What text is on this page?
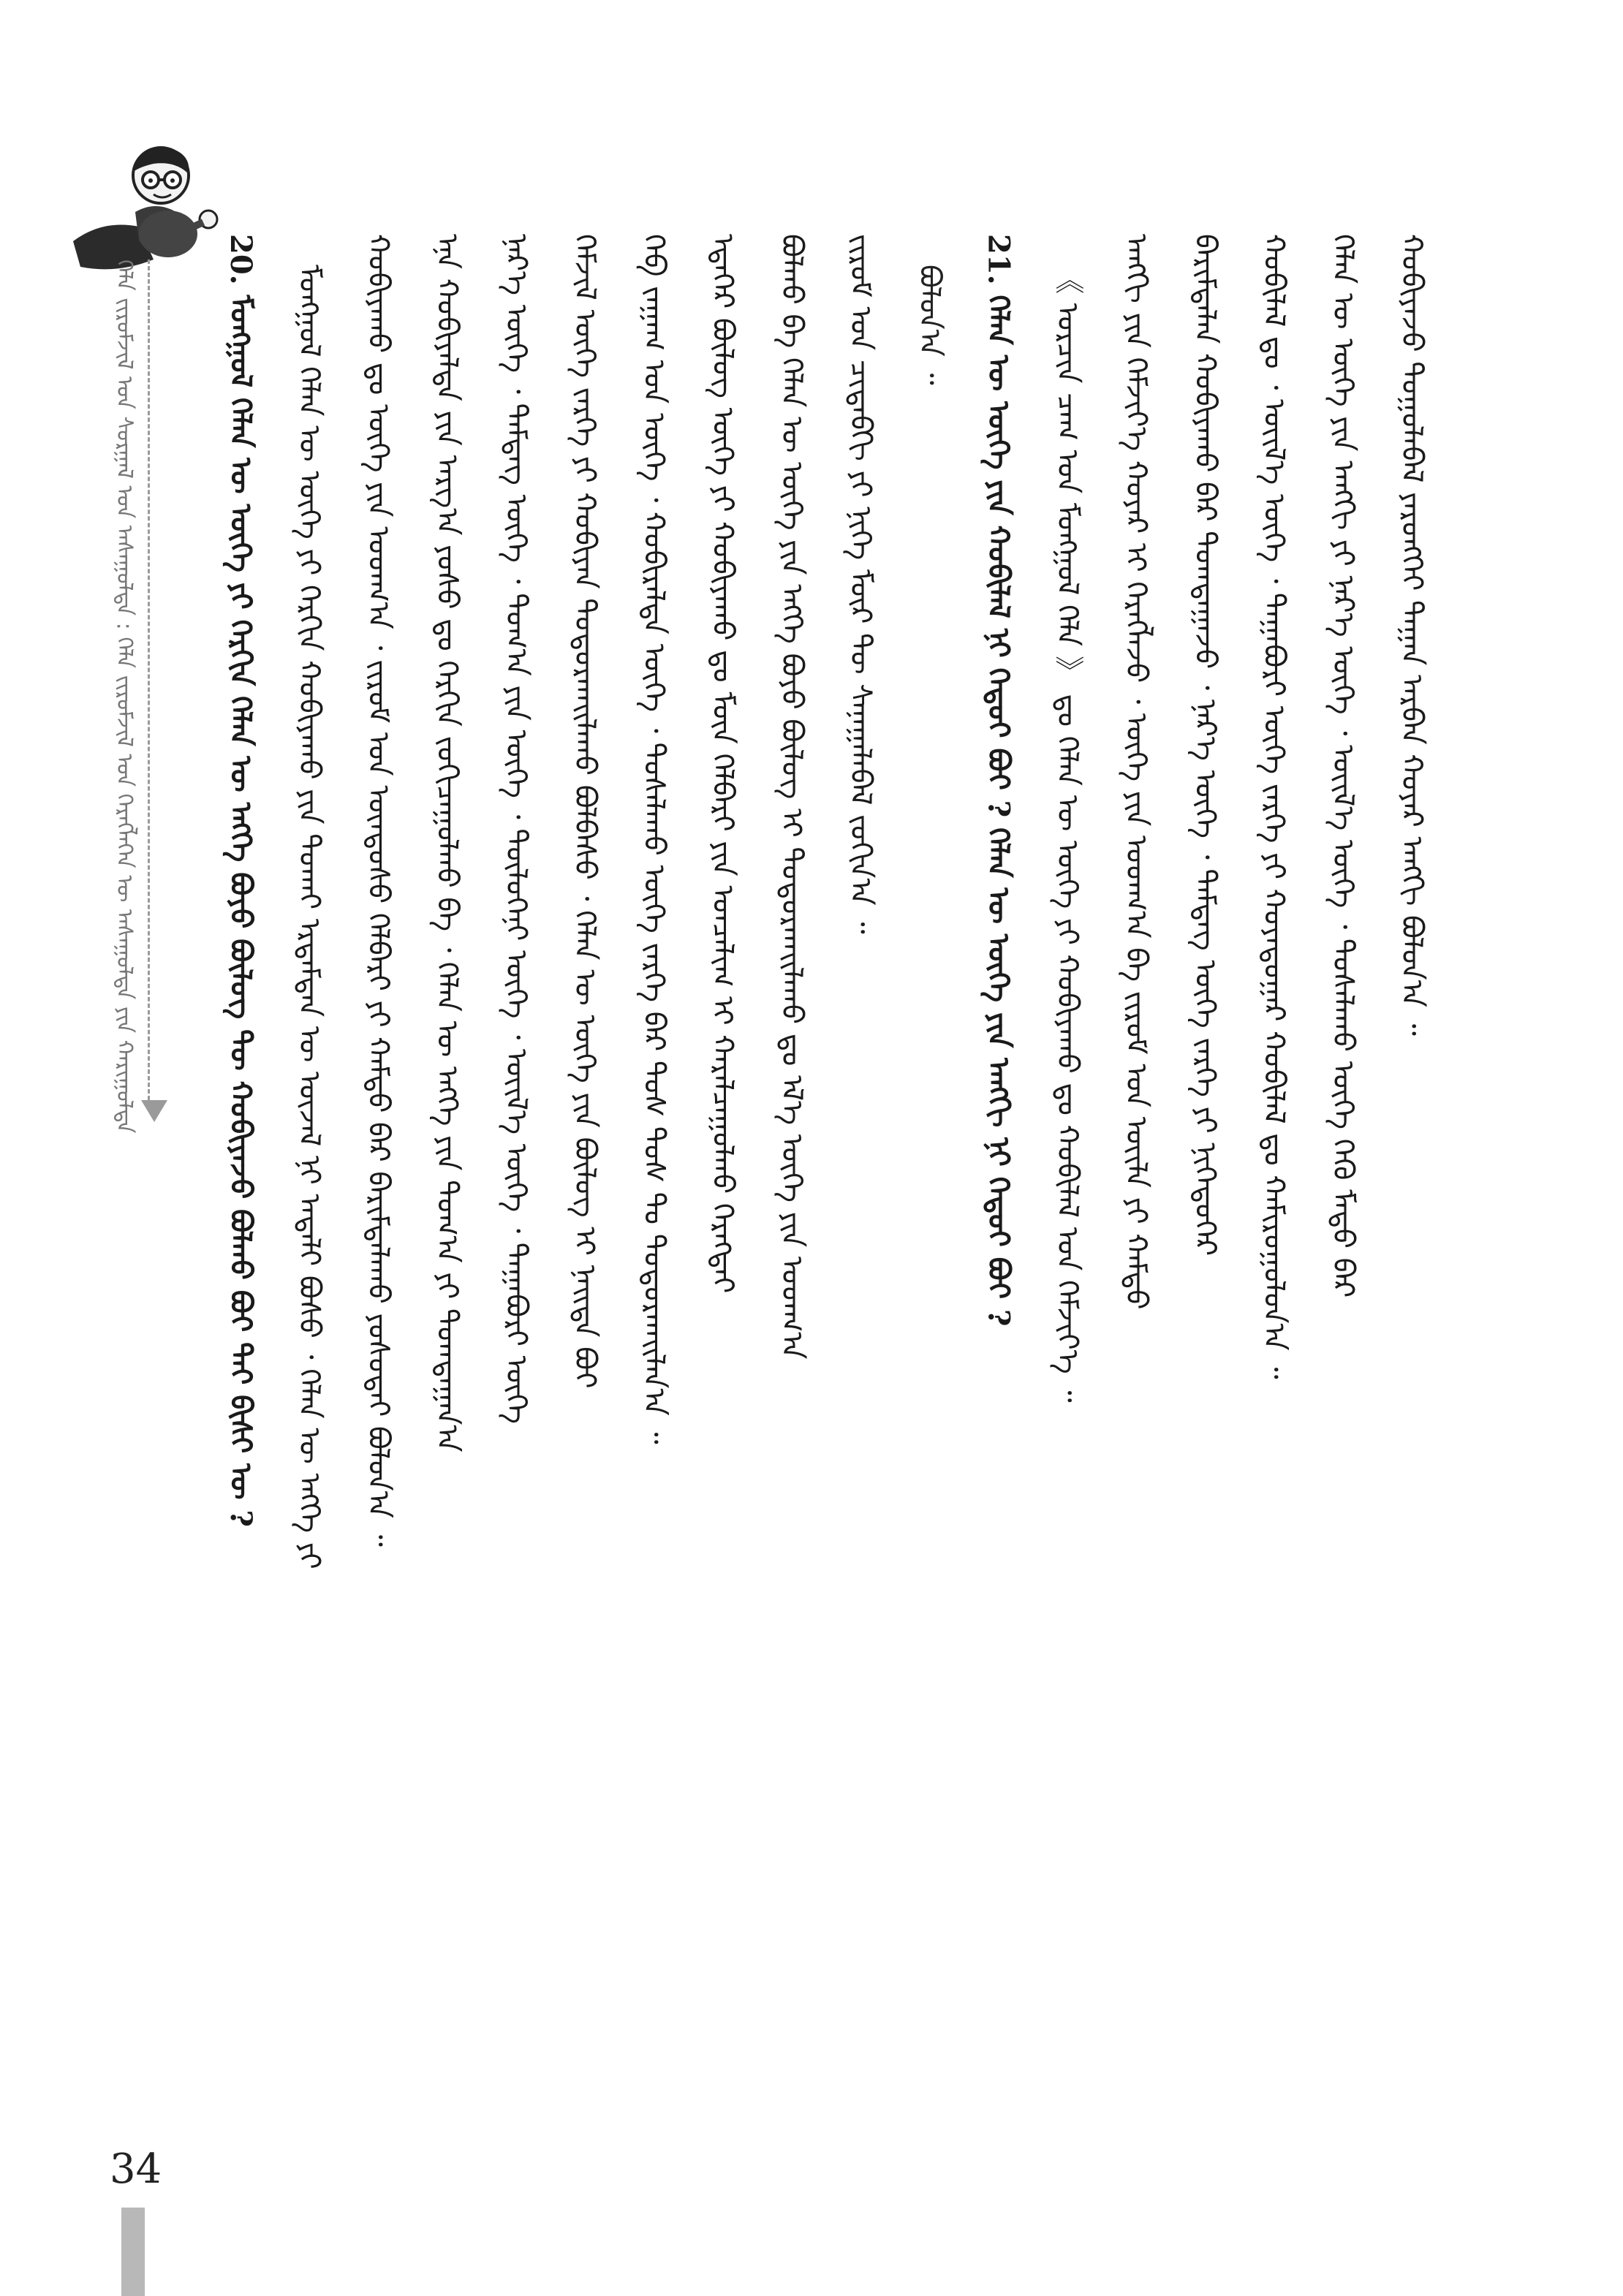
ᠬᠡᠯᠡ ᠵᠢᠷᠤᠮᠵᠢᠯ ᠤᠨ ᠰᠤᠷᠭᠠᠯ ᠤᠨ ᠠᠰᠠᠭᠤᠯᠲᠠ : ᠬᠡᠯᠡ ᠵᠢᠷᠤᠮᠵᠢᠯ ᠤᠨ ᠬᠡᠷᠡᠭᠯᠡᠭᠡᠨ ᠦ ᠠᠰᠠᠭᠤᠯᠲᠠ ᠶᠢᠨ ᠬᠠᠷᠢᠭᠤᠯᠲᠠ	20. ᠮᠣᠩᠭᠣᠯ ᠬᠡᠯᠡᠨ ᠦ ᠦᠭᠡ ᠶᠢ ᠬᠡᠷᠬᠢᠨ ᠬᠡᠯᠡᠨ ᠦ ᠡᠩᠭᠡ ᠪᠤᠶᠤ ᠪᠦᠯᠦᠭ ᠲᠦ ᠬᠤᠪᠢᠶᠠᠵᠤ ᠪᠣᠯᠬᠤ ᠪᠤᠢ ᠲᠠᠢ ᠪᠢᠰᠢ ᠦ ? ᠮᠣᠩᠭᠣᠯ ᠬᠡᠯᠡᠨ ᠦ ᠦᠭᠡ ᠶᠢ ᠬᠡᠷᠬᠢᠨ ᠬᠤᠪᠢᠶᠠᠬᠤ ᠶᠢᠨ ᠲᠤᠬᠠᠢ ᠡᠷᠳᠡᠮᠲᠡᠨ ᠦ ᠦᠵᠡᠯ ᠨᠢ ᠠᠳᠠᠯᠢ ᠪᠤᠰᠤ ᠂ ᠬᠡᠯᠡᠨ ᠦ ᠡᠩᠭᠡ ᠶᠢ ᠬᠤᠪᠢᠶᠠᠬᠤ ᠳᠤ ᠦᠭᠡ ᠶᠢᠨ ᠤᠳᠬ᠎ᠠ ᠂ ᠵᠢᠷᠤᠮ ᠤᠨ ᠦᠨᠳᠦᠰᠦ ᠬᠡᠯᠪᠡᠷᠢ ᠶᠢ ᠬᠠᠮᠲᠤ ᠪᠠᠷ ᠪᠠᠷᠢᠮᠲᠠᠯᠠᠬᠤ ᠶᠣᠰᠣᠲᠠᠢ ᠪᠣᠯᠤᠨ᠎ᠠ ᠃ ᠡᠨᠡ ᠬᠤᠪᠢᠶᠠᠯᠲᠠ ᠶᠢᠨ ᠠᠷᠭ᠎ᠠ ᠶᠣᠰᠣ ᠳᠤ ᠬᠡᠷᠬᠢᠨ ᠵᠣᠬᠢᠴᠠᠭᠤᠯᠬᠤ ᠪᠡ ᠂ ᠬᠡᠯᠡᠨ ᠦ ᠡᠩᠭᠡ ᠶᠢᠨ ᠲᠣᠭ᠎ᠠ ᠶᠢ ᠲᠣᠭᠲᠠᠭᠠᠨ᠎ᠠ ᠨᠡᠷ᠎ᠡ ᠦᠭᠡ ᠂ ᠲᠡᠮᠳᠡᠭ ᠦᠭᠡ ᠂ ᠲᠣᠭ᠎ᠠ ᠶᠢᠨ ᠦᠭᠡ ᠂ ᠲᠥᠯᠦᠭᠡᠨᠢ ᠦᠭᠡ ᠂ ᠦᠢᠯ᠎ᠡ ᠦᠭᠡ ᠂ ᠳᠠᠭᠠᠪᠤᠷᠢ ᠦᠭᠡ ᠬᠡᠮᠵᠢᠯ ᠦᠭᠡ ᠵᠡᠷᠭᠡ ᠶᠢ ᠬᠤᠪᠢᠶᠠᠨ ᠲᠣᠳᠤᠷᠬᠠᠢᠯᠠᠬᠤ ᠪᠣᠯᠪᠠᠰᠤ ᠂ ᠬᠡᠯᠡᠨ ᠦ ᠦᠭᠡ ᠶᠢᠨ ᠪᠦᠯᠦᠭ ᠢ ᠨᠡᠢᠲᠡ ᠪᠤᠢ ᠬᠡᠪ ᠵᠠᠭᠠᠭ ᠤᠨ ᠦᠭᠡ ᠂ ᠬᠤᠪᠢᠷᠠᠯᠲᠠ ᠦᠭᠡ ᠂ ᠲᠤᠰᠠᠯᠠᠬᠤ ᠦᠭᠡ ᠵᠡᠷᠭᠡ ᠪᠡᠷ ᠲᠤᠰ ᠲᠤᠰ ᠲᠤ ᠲᠣᠳᠤᠷᠬᠠᠢᠯᠠᠨ᠎ᠠ ᠃ ᠡᠳᠡᠭᠡᠷ ᠪᠦᠯᠦᠭ ᠦᠭᠡ ᠶᠢ ᠬᠤᠪᠢᠶᠠᠬᠤ ᠳᠤ ᠮᠦᠨ ᠬᠡᠯᠪᠡᠷᠢ ᠶᠢᠨ ᠣᠨᠴᠠᠯᠢᠭ ᠢ ᠬᠠᠷᠠᠯᠴᠠᠭᠤᠯᠬᠤ ᠬᠡᠷᠡᠭᠲᠡᠢ ᠪᠣᠯᠬᠤ ᠪᠠ ᠬᠡᠯᠡᠨ ᠦ ᠦᠭᠡ ᠶᠢᠨ ᠡᠩᠭᠡ ᠪᠤᠶᠤ ᠪᠦᠯᠦᠭ ᠢ ᠲᠣᠳᠤᠷᠬᠠᠢᠯᠠᠬᠤ ᠳᠤ ᠡᠯ᠎ᠡ ᠦᠭᠡ ᠶᠢᠨ ᠤᠳᠬ᠎ᠠ ᠵᠢᠷᠤᠮ ᠤᠨ ᠴᠢᠳᠠᠪᠬᠢ ᠶᠢ ᠨᠢᠭᠡ ᠮᠥᠷ ᠲᠦ ᠰᠠᠨᠠᠭᠠᠯᠠᠪᠠᠯ ᠵᠣᠬᠢᠨ᠎ᠠ ᠃ ᠪᠣᠯᠤᠨ᠎ᠠ ᠃ 21. ᠬᠡᠯᠡᠨ ᠦ ᠦᠭᠡ ᠶᠢᠨ ᠬᠤᠪᠢᠯᠠᠯ ᠨᠢ ᠬᠡᠳᠦᠢ ᠪᠤᠢ ? ᠬᠡᠯᠡᠨ ᠦ ᠦᠭᠡ ᠶᠢᠨ ᠠᠩᠭᠢ ᠨᠢ ᠬᠡᠳᠦᠢ ᠪᠤᠢ ? 《 ᠣᠷᠴᠢᠨ ᠴᠠᠭ ᠤᠨ ᠮᠣᠩᠭᠣᠯ ᠬᠡᠯᠡ 》 ᠳᠤ ᠬᠡᠯᠡᠨ ᠦ ᠦᠭᠡ ᠶᠢ ᠬᠤᠪᠢᠶᠠᠬᠤ ᠳᠤ ᠬᠤᠪᠢᠯᠠᠯ ᠤᠨ ᠬᠡᠮᠵᠢᠶ᠎ᠡ ᠃ ᠠᠩᠭᠢ ᠶᠢᠨ ᠬᠡᠮᠵᠢᠶ᠎ᠡ ᠬᠣᠶᠠᠷ ᠢ ᠬᠡᠷᠡᠭᠯᠡᠵᠦ ᠂ ᠦᠭᠡ ᠶᠢᠨ ᠤᠳᠬ᠎ᠠ ᠪᠠ ᠵᠢᠷᠤᠮ ᠤᠨ ᠦᠢᠯᠡ ᠶᠢ ᠬᠠᠮᠲᠤ ᠪᠠᠷᠢᠮᠲᠠᠯᠠᠨ ᠬᠤᠪᠢᠶᠠᠬᠤ ᠪᠡᠷ ᠲᠣᠭᠲᠠᠭᠠᠵᠤ ᠂ ᠨᠡᠷ᠎ᠡ ᠦᠭᠡ ᠂ ᠲᠡᠮᠳᠡᠭ ᠦᠭᠡ ᠵᠡᠷᠭᠡ ᠶᠢ ᠨᠢᠭᠡᠳᠦᠭᠡᠷ ᠬᠤᠪᠢᠯᠠᠯ ᠳᠤ ᠂ ᠦᠢᠯ᠎ᠡ ᠦᠭᠡ ᠂ ᠳᠠᠭᠠᠪᠤᠷᠢ ᠦᠭᠡ ᠵᠡᠷᠭᠡ ᠶᠢ ᠬᠣᠶᠠᠳᠤᠭᠠᠷ ᠬᠤᠪᠢᠯᠠᠯ ᠳᠤ ᠬᠠᠮᠢᠷᠤᠭᠤᠯᠤᠨ᠎ᠠ ᠃ ᠬᠡᠯᠡᠨ ᠦ ᠦᠭᠡ ᠶᠢᠨ ᠠᠩᠭᠢ ᠶᠢ ᠨᠡᠷ᠎ᠡ ᠦᠭᠡ ᠂ ᠦᠢᠯ᠎ᠡ ᠦᠭᠡ ᠂ ᠲᠤᠰᠠᠯᠠᠬᠤ ᠦᠭᠡ ᠭᠡᠬᠦ ᠮᠡᠲᠦ ᠪᠡᠷ ᠬᠤᠪᠢᠶᠠᠵᠤ ᠲᠣᠭᠤᠯᠠᠪᠠᠯ ᠶᠡᠷᠦᠩᠬᠡᠢ ᠳᠠᠭᠠᠨ ᠠᠷᠪᠠᠨ ᠬᠣᠶᠠᠷ ᠠᠩᠭᠢ ᠪᠣᠯᠤᠨ᠎ᠠ ᠃
34
